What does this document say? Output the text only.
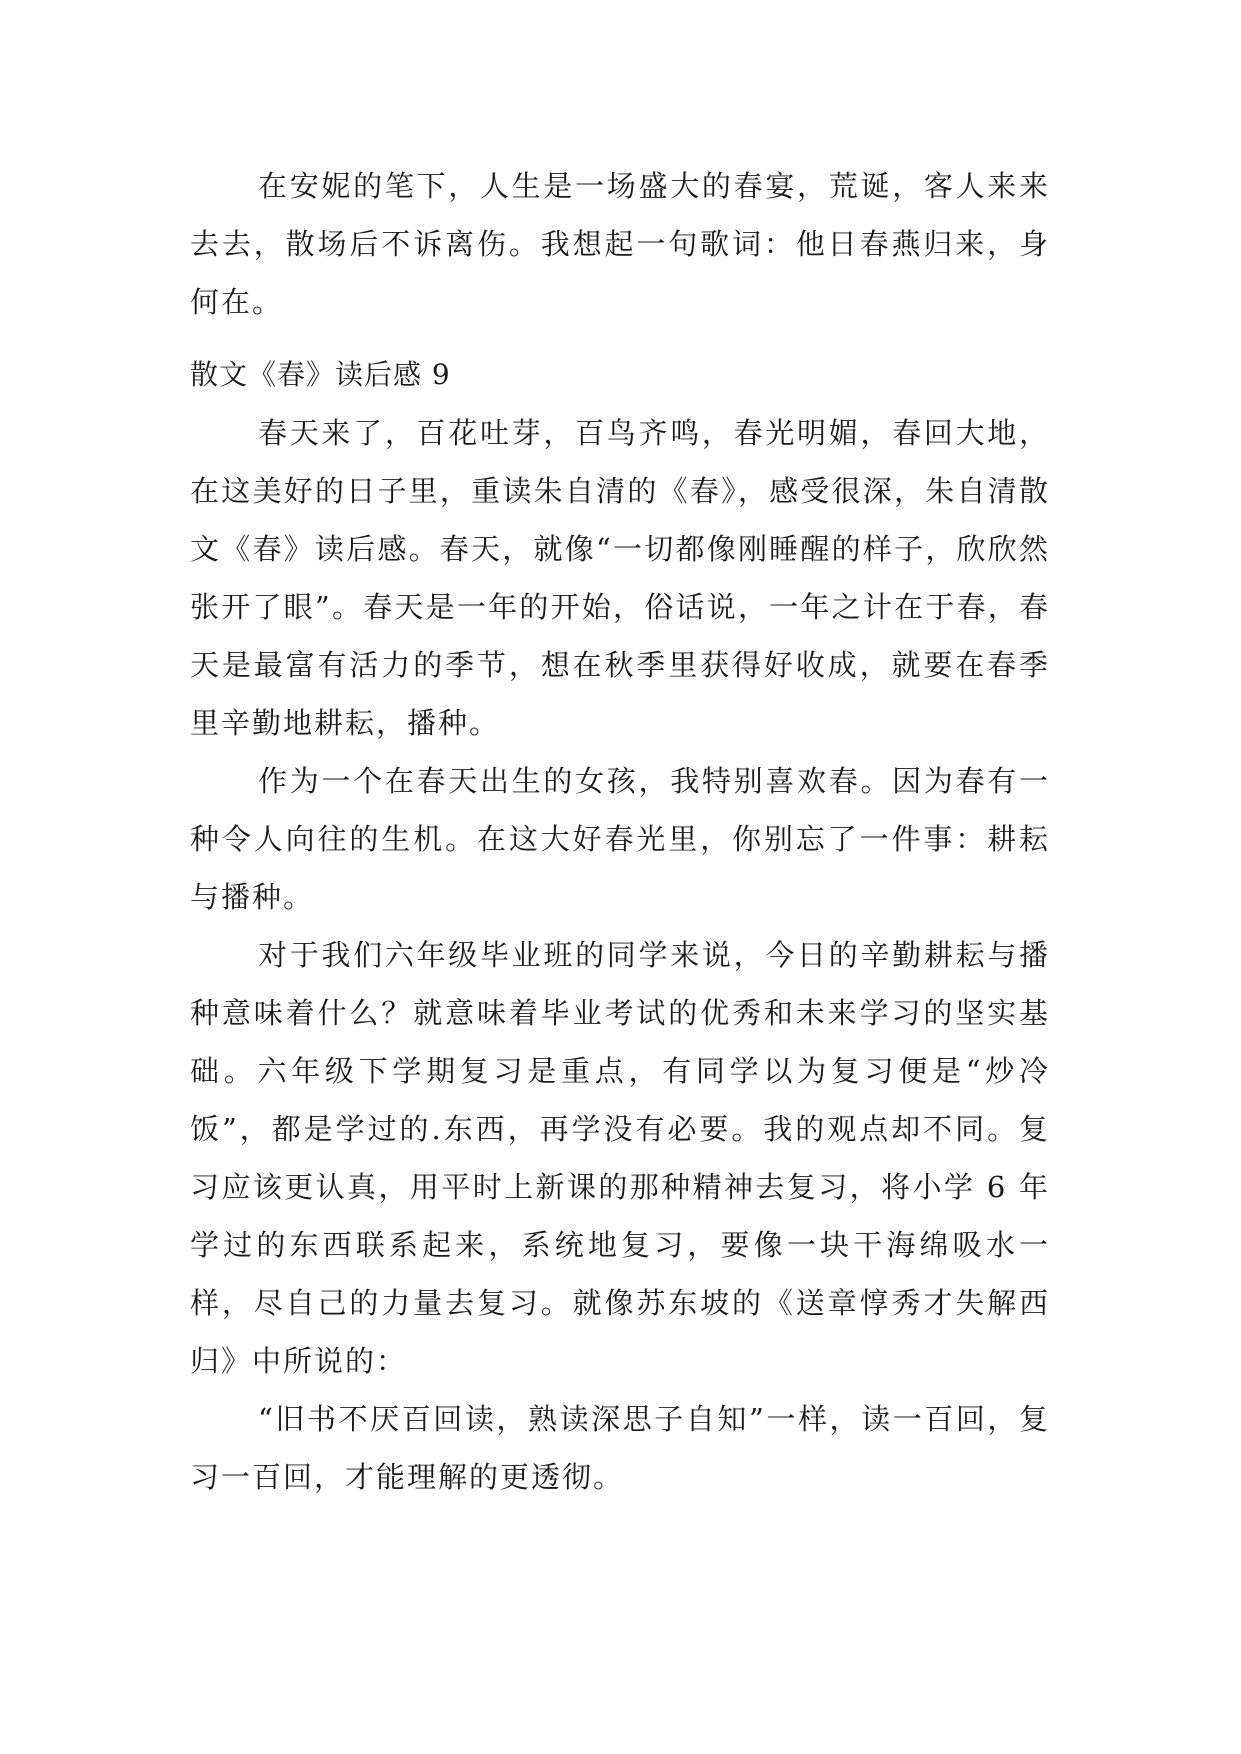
在安妮的笔下，人生是一场盛大的春宴，荒诞，客人来来去去，散场后不诉离伤。我想起一句歌词：他日春燕归来，身何在。

散文《春》读后感 9

春天来了，百花吐芽，百鸟齐鸣，春光明媚，春回大地，在这美好的日子里，重读朱自清的《春》，感受很深，朱自清散文《春》读后感。春天，就像“一切都像刚睡醒的样子，欣欣然张开了眼”。春天是一年的开始，俗话说，一年之计在于春，春天是最富有活力的季节，想在秋季里获得好收成，就要在春季里辛勤地耕耘，播种。

作为一个在春天出生的女孩，我特别喜欢春。因为春有一种令人向往的生机。在这大好春光里，你别忘了一件事：耕耘与播种。

对于我们六年级毕业班的同学来说，今日的辛勤耕耘与播种意味着什么？就意味着毕业考试的优秀和未来学习的坚实基础。六年级下学期复习是重点，有同学以为复习便是“炒冷饭”，都是学过的.东西，再学没有必要。我的观点却不同。复习应该更认真，用平时上新课的那种精神去复习，将小学 6 年学过的东西联系起来，系统地复习，要像一块干海绵吸水一样，尽自己的力量去复习。就像苏东坡的《送章惇秀才失解西归》中所说的：

“旧书不厌百回读，熟读深思子自知”一样，读一百回，复习一百回，才能理解的更透彻。
